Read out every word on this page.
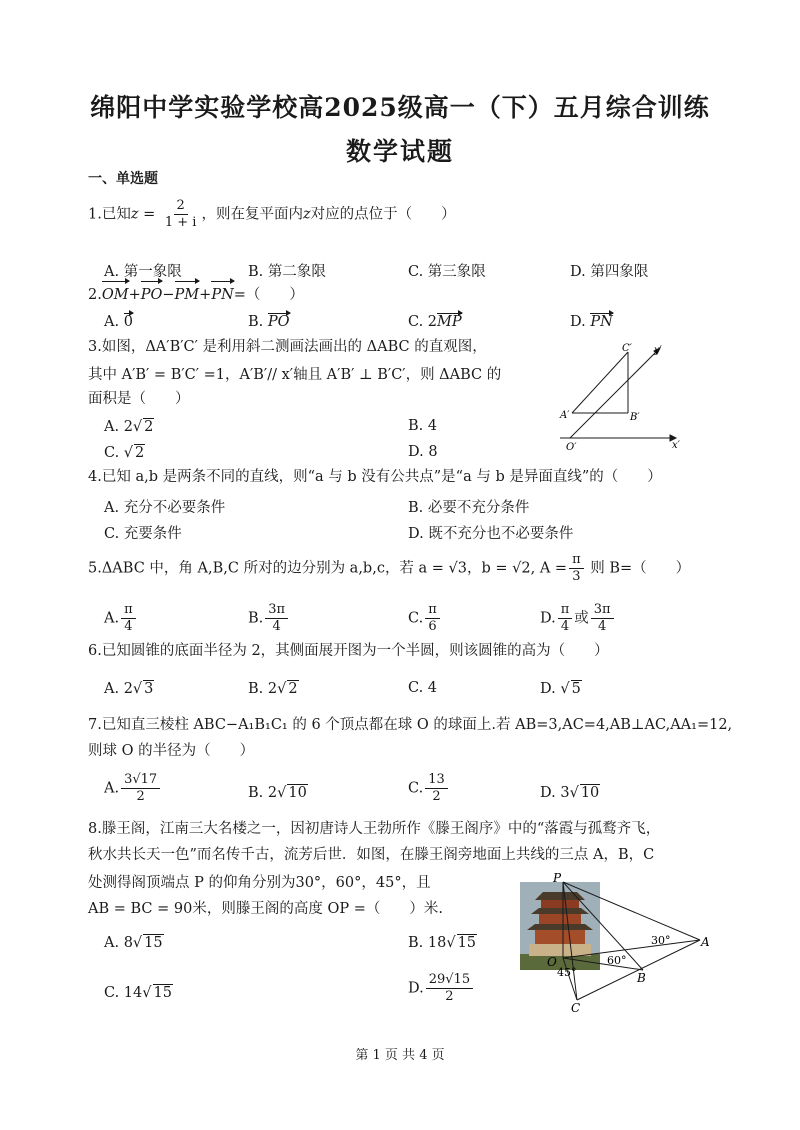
绵阳中学实验学校高2025级高一（下）五月综合训练
数学试题
一、单选题
1.已知$z = \frac{2}{1 + i}$ ，则在复平面内z对应的点位于（　　）
A. 第一象限	B. 第二象限	C. 第三象限	D. 第四象限
2.OM+PO−PM+PN=（　　）
A. 0	B. PO	C. 2MP	D. PN
3.如图，ΔA′B′C′ 是利用斜二测画法画出的 ΔABC 的直观图，
其中 A′B′ = B′C′ =1，A′B′// x′轴且 A′B′ ⊥ B′C′，则 ΔABC 的
面积是（　　）
A. 2√ 2	B. 4
C. √ 2	D. 8
C′ y′
A′	B′
O′	x′
4.已知 a,b 是两条不同的直线，则“a 与 b 没有公共点”是“a 与 b 是异面直线”的（　　）
A. 充分不必要条件	B. 必要不充分条件
C. 充要条件	D. 既不充分也不必要条件
5.ΔABC 中，角 A,B,C 所对的边分别为 a,b,c，若 a = √3，b = √2, $A = \frac{\pi}{3}$ 则 B=（　　）
A. $\frac{\pi}{4}$	B. $\frac{3\pi}{4}$	C. $\frac{\pi}{6}$	D. $\frac{\pi}{4}$ 或 $\frac{3\pi}{4}$
6.已知圆锥的底面半径为 2，其侧面展开图为一个半圆，则该圆锥的高为（　　）
A. 2√ 3	B. 2√ 2	C. 4	D. √ 5
7.已知直三棱柱 ABC−A₁B₁C₁ 的 6 个顶点都在球 O 的球面上.若 AB=3,AC=4,AB⊥AC,AA₁=12,
则球 O 的半径为（　　）
A. $\frac{3√17}{2}$	B. 2√ 10	C. $\frac{13}{2}$	D. 3√ 10
8.滕王阁，江南三大名楼之一，因初唐诗人王勃所作《滕王阁序》中的“落霞与孤鹜齐飞，
秋水共长天一色”而名传千古，流芳后世．如图，在滕王阁旁地面上共线的三点 A，B，C
处测得阁顶端点 P 的仰角分别为30°，60°，45°，且
AB = BC = 90米，则滕王阁的高度 OP =（　　）米.
A. 8√ 15	B. 18√ 15
C. 14√ 15	D. $\frac{29√15}{2}$
P
O
A
B
C
30°
60°
45°
第 1 页 共 4 页
